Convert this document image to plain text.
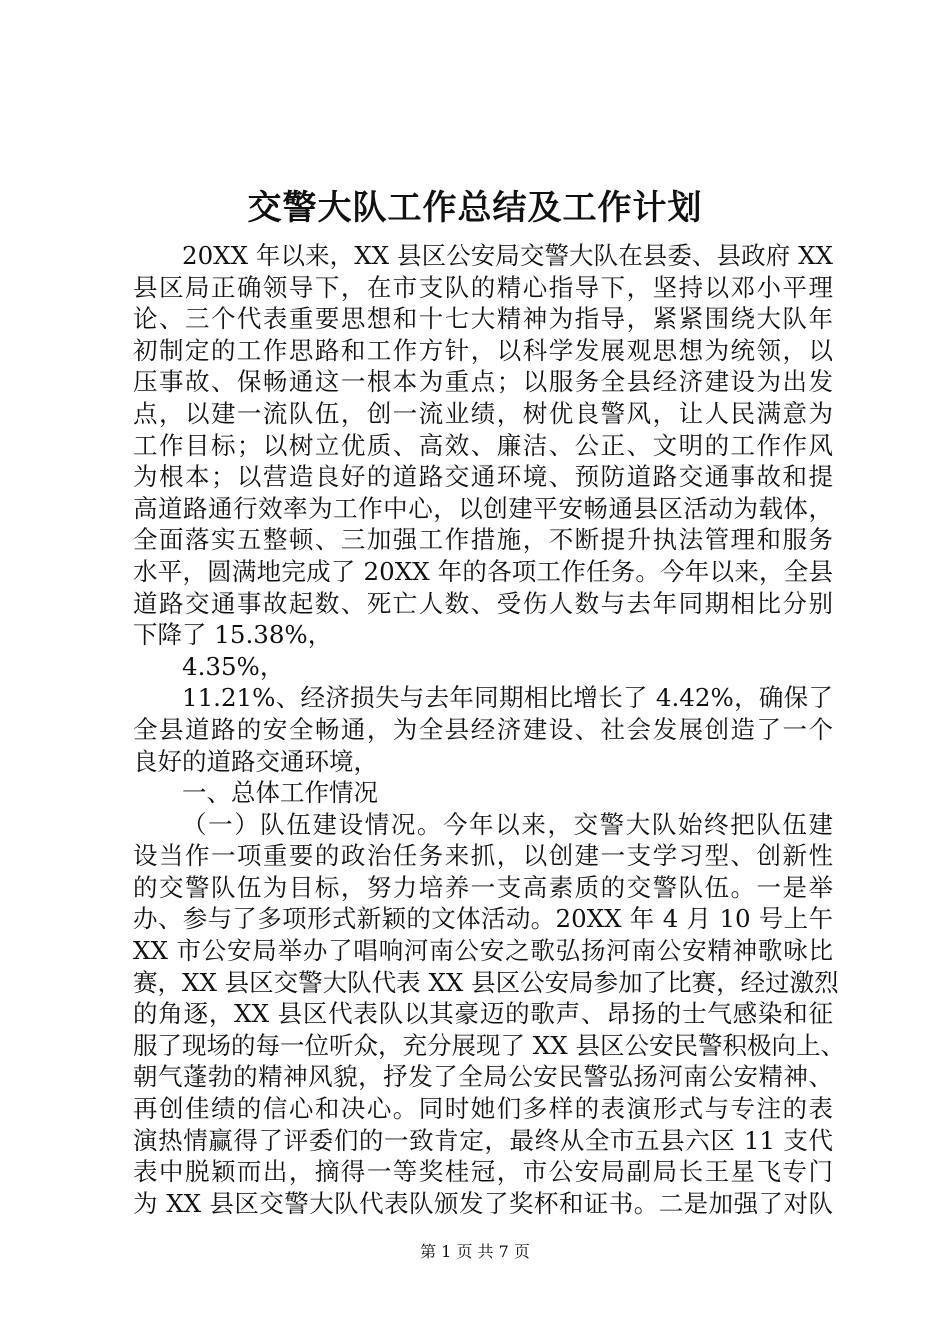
交警大队工作总结及工作计划
20XX 年以来，XX 县区公安局交警大队在县委、县政府 XX
县区局正确领导下，在市支队的精心指导下，坚持以邓小平理
论、三个代表重要思想和十七大精神为指导，紧紧围绕大队年
初制定的工作思路和工作方针，以科学发展观思想为统领，以
压事故、保畅通这一根本为重点；以服务全县经济建设为出发
点，以建一流队伍，创一流业绩，树优良警风，让人民满意为
工作目标；以树立优质、高效、廉洁、公正、文明的工作作风
为根本；以营造良好的道路交通环境、预防道路交通事故和提
高道路通行效率为工作中心，以创建平安畅通县区活动为载体，
全面落实五整顿、三加强工作措施，不断提升执法管理和服务
水平，圆满地完成了 20XX 年的各项工作任务。今年以来，全县
道路交通事故起数、死亡人数、受伤人数与去年同期相比分别
下降了 15.38%，
4.35%，
11.21%、经济损失与去年同期相比增长了 4.42%，确保了
全县道路的安全畅通，为全县经济建设、社会发展创造了一个
良好的道路交通环境，
一、总体工作情况
（一）队伍建设情况。今年以来，交警大队始终把队伍建
设当作一项重要的政治任务来抓，以创建一支学习型、创新性
的交警队伍为目标，努力培养一支高素质的交警队伍。一是举
办、参与了多项形式新颖的文体活动。20XX 年 4 月 10 号上午
XX 市公安局举办了唱响河南公安之歌弘扬河南公安精神歌咏比
赛，XX 县区交警大队代表 XX 县区公安局参加了比赛，经过激烈
的角逐，XX 县区代表队以其豪迈的歌声、昂扬的士气感染和征
服了现场的每一位听众，充分展现了 XX 县区公安民警积极向上、
朝气蓬勃的精神风貌，抒发了全局公安民警弘扬河南公安精神、
再创佳绩的信心和决心。同时她们多样的表演形式与专注的表
演热情赢得了评委们的一致肯定，最终从全市五县六区 11 支代
表中脱颖而出，摘得一等奖桂冠，市公安局副局长王星飞专门
为 XX 县区交警大队代表队颁发了奖杯和证书。二是加强了对队
第 1 页 共 7 页
